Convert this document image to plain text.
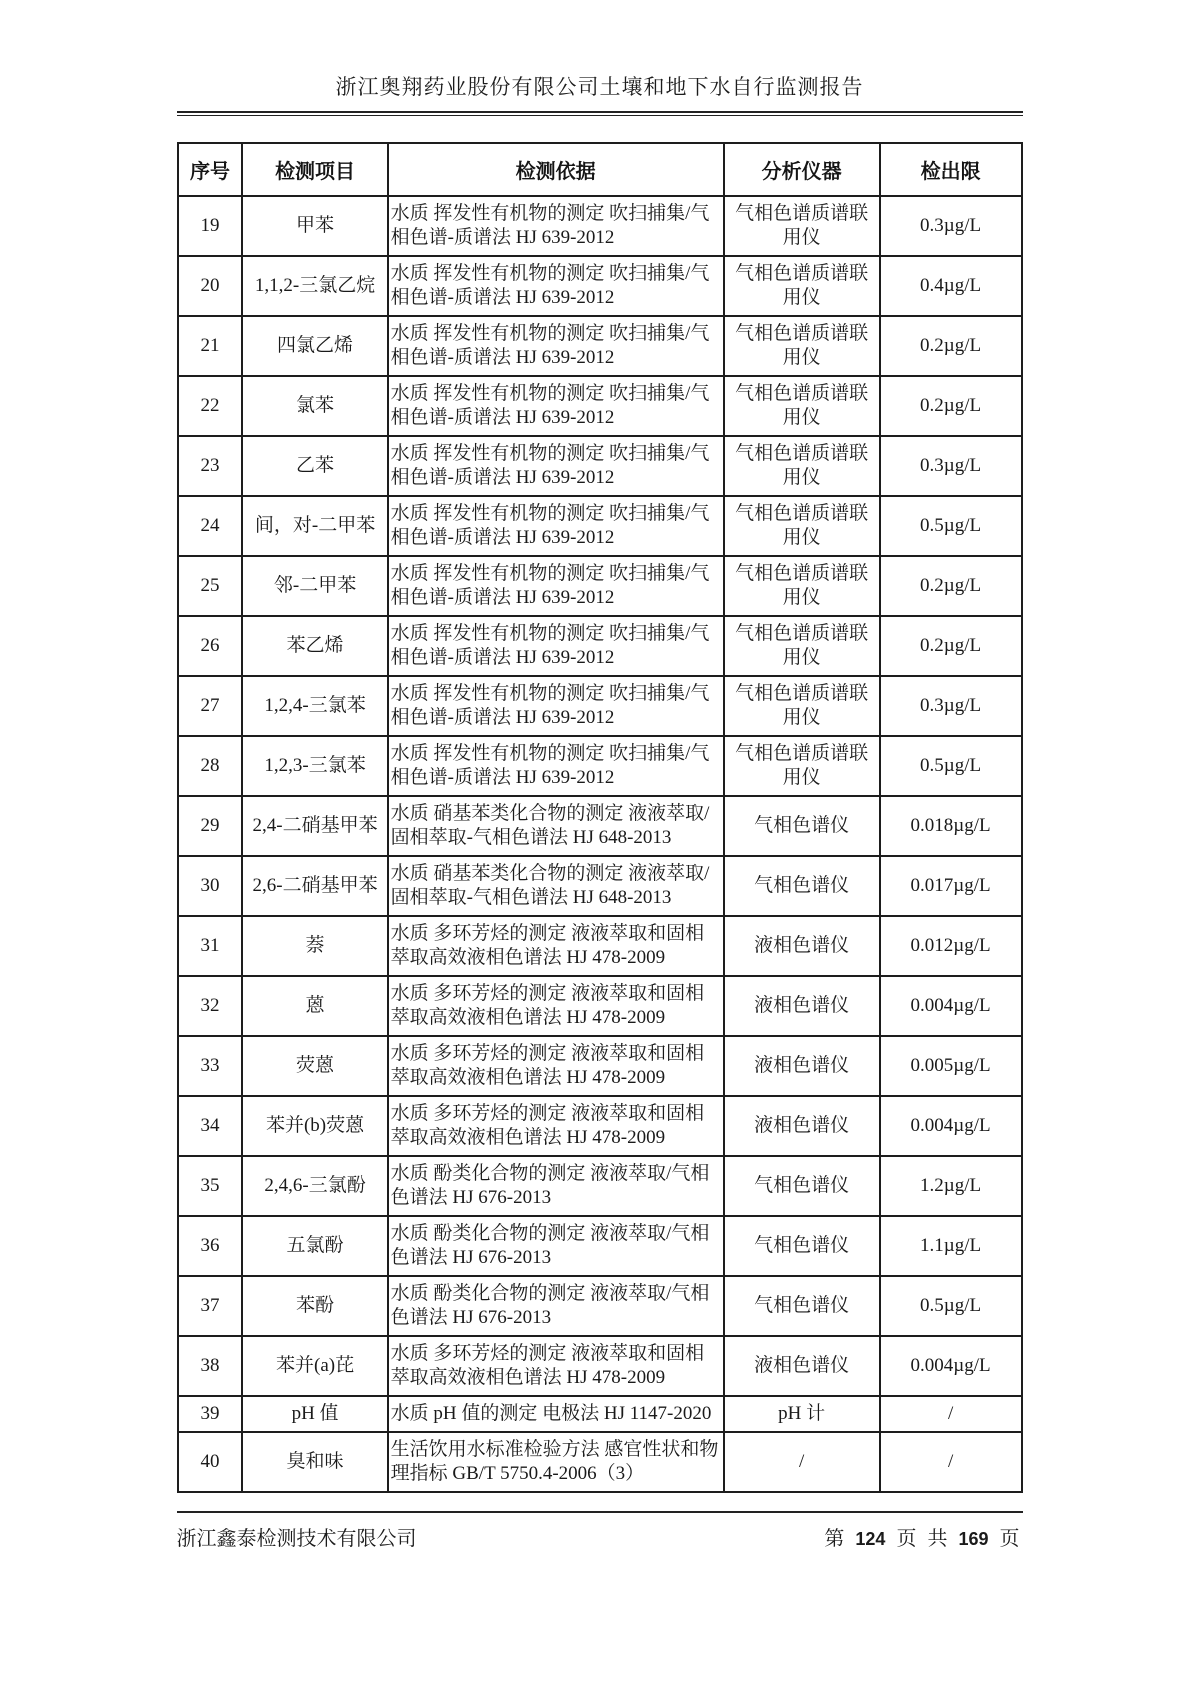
浙江奥翔药业股份有限公司土壤和地下水自行监测报告
序号	检测项目	检测依据	分析仪器	检出限
19	甲苯	水质 挥发性有机物的测定 吹扫捕集/气相色谱-质谱法 HJ 639-2012	气相色谱质谱联用仪	0.3µg/L
20	1,1,2-三氯乙烷	水质 挥发性有机物的测定 吹扫捕集/气相色谱-质谱法 HJ 639-2012	气相色谱质谱联用仪	0.4µg/L
21	四氯乙烯	水质 挥发性有机物的测定 吹扫捕集/气相色谱-质谱法 HJ 639-2012	气相色谱质谱联用仪	0.2µg/L
22	氯苯	水质 挥发性有机物的测定 吹扫捕集/气相色谱-质谱法 HJ 639-2012	气相色谱质谱联用仪	0.2µg/L
23	乙苯	水质 挥发性有机物的测定 吹扫捕集/气相色谱-质谱法 HJ 639-2012	气相色谱质谱联用仪	0.3µg/L
24	间，对-二甲苯	水质 挥发性有机物的测定 吹扫捕集/气相色谱-质谱法 HJ 639-2012	气相色谱质谱联用仪	0.5µg/L
25	邻-二甲苯	水质 挥发性有机物的测定 吹扫捕集/气相色谱-质谱法 HJ 639-2012	气相色谱质谱联用仪	0.2µg/L
26	苯乙烯	水质 挥发性有机物的测定 吹扫捕集/气相色谱-质谱法 HJ 639-2012	气相色谱质谱联用仪	0.2µg/L
27	1,2,4-三氯苯	水质 挥发性有机物的测定 吹扫捕集/气相色谱-质谱法 HJ 639-2012	气相色谱质谱联用仪	0.3µg/L
28	1,2,3-三氯苯	水质 挥发性有机物的测定 吹扫捕集/气相色谱-质谱法 HJ 639-2012	气相色谱质谱联用仪	0.5µg/L
29	2,4-二硝基甲苯	水质 硝基苯类化合物的测定 液液萃取/固相萃取-气相色谱法 HJ 648-2013	气相色谱仪	0.018µg/L
30	2,6-二硝基甲苯	水质 硝基苯类化合物的测定 液液萃取/固相萃取-气相色谱法 HJ 648-2013	气相色谱仪	0.017µg/L
31	萘	水质 多环芳烃的测定 液液萃取和固相萃取高效液相色谱法 HJ 478-2009	液相色谱仪	0.012µg/L
32	蒽	水质 多环芳烃的测定 液液萃取和固相萃取高效液相色谱法 HJ 478-2009	液相色谱仪	0.004µg/L
33	荧蒽	水质 多环芳烃的测定 液液萃取和固相萃取高效液相色谱法 HJ 478-2009	液相色谱仪	0.005µg/L
34	苯并(b)荧蒽	水质 多环芳烃的测定 液液萃取和固相萃取高效液相色谱法 HJ 478-2009	液相色谱仪	0.004µg/L
35	2,4,6-三氯酚	水质 酚类化合物的测定 液液萃取/气相色谱法 HJ 676-2013	气相色谱仪	1.2µg/L
36	五氯酚	水质 酚类化合物的测定 液液萃取/气相色谱法 HJ 676-2013	气相色谱仪	1.1µg/L
37	苯酚	水质 酚类化合物的测定 液液萃取/气相色谱法 HJ 676-2013	气相色谱仪	0.5µg/L
38	苯并(a)芘	水质 多环芳烃的测定 液液萃取和固相萃取高效液相色谱法 HJ 478-2009	液相色谱仪	0.004µg/L
39	pH 值	水质 pH 值的测定 电极法 HJ 1147-2020	pH 计	/
40	臭和味	生活饮用水标准检验方法 感官性状和物理指标 GB/T 5750.4-2006（3）	/	/
浙江鑫泰检测技术有限公司	第 124 页 共 169 页
